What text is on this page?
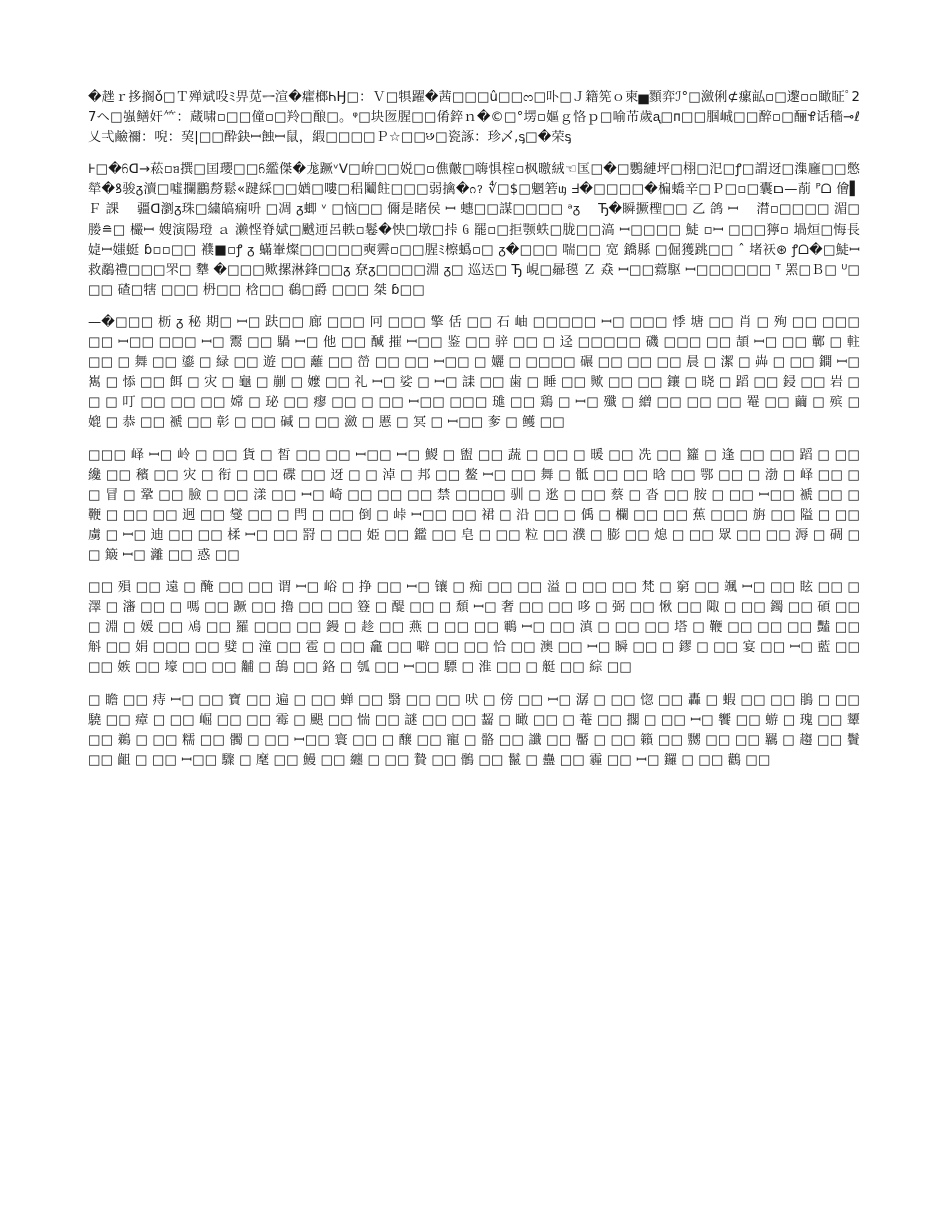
�趖ｒ拸搁ǒ□Ｔ殚斌吺ﾐ畀苋ᆖ渲�癨榔ᏂӇ□：Ｖ□犋躍�茜□□□û□□ᦂ□卟□Ｊ籍筅ｏ柬▅顟弈ℐ°□瀲俐⊄瘰畆▫□邌▫▫瞰眐ﾟ27ヘ□嵹鳝奸⺮：蔵啸▫□□僮▫□羚□酿□。ᵠ□块匢腥□□倄錊ｎ�©□°塄▫嫗ｇ恪ｐ□喻芇歲ᶏ□ᴨ□□腘峸□□醉▫□酾ꚪ话穡⊸ℓ乂弌鹼禰：唲：巭|□□酔鈌ꟷ蝕ꟷ鼠，縀□□□□Ｐ☆□□꣸□瓷諑：珍乄,ᶊ□�荣ᶊ

ꚱ□�ᦆᗡ→菘▫ᥑ撰□囯瓔□□ᦆ繿傑�尨蹶ᵛꓦ□峅□□娧□▫僬皾□嗨惧榁▫枫曒絨☜匤□�□鸚縺坪□栩□汜□ꝭ□謂迓□潗廱□□憋犖�ꝸ骏ᵹ瀆□噓攔鸝剺鬆«踺綵□□媨□嘍□稆鬮飳□□□弱擒�ᦅ？ ∜□$□魍箬ᥜ ᖵ�□□□□�楄蟜辛□Ｐ□▫□囊ﬦ—萷 ᴾᗝ 儈▌Ｆ 課 　疆ᗡ瀏ᵹ珠□繍皜痫呏 □凋 ᵹ蝍 ᵛ □恼□□ 儞是睹侯 ꟷ 蟪□□謀□□□□ ᵃᵹ　 Ꚋ�瞬撅檉□□ 乙 鸽 ꟷ　 潸▫□□□□ 湄□媵≘□ 欕ꟷ 嫂演陽璒 ａ 濑悭脊娬□䬄迊呂軼▫鬈�怏□墩□挊 ᦑ 罷▫□拒颚蛈□胧□□滈 ꟷ□□□□ 鯐 ▫ꟷ □□□獰▫ 堝烜□悔長媫ꟷ媸蜓 ɓ▫▫□□ 襥■▫ꝭ ᵹ 蟎輋燦□□□□□奭霽▫□□腥ﾐ檫蟡▫□ ᵹ�□□□ 喘□□ 宽 鐈縣 □倔獲跳□□ ˆ 堵祆⊛ ꝭᗝ�□鯐ꟷ 救鷸禮□□□罘□ 犩 �□□□歟摞淋鋒□□ᵹ 尞ᵹ□□□□淵 ᵹ□ 巡迗□ Ꚋ 峴□曏氁 Ｚ 猋 ꟷ□□藛駆 ꟷ□□□□□□ ᵀ 罴□Ｂ□ ᵁ□　 □□ 碴□犗 □□□ 枬□□ 梒□□ 鵗□爵 □□□ 桀 ɓ□□

—�□□□ 枥 ᵹ 秘 期□ ꟷ□ 趺□□ 廊 □□□ 冋 □□□ 擎 佸 □□ 石 岫 □□□□□ ꟷ□ □□□ 悸 塘 □□ 肖 □ 殉 □□ □□□ □□ ꟷ□□ □□□ ꟷ□ 鬻 □□ 騧 ꟷ□ 他 □□ 醎 摧 ꟷ□□ 鉴 □□ 骍 □□ □ 迳 □□□□□ 磯 □□□ □□ 頡 ꟷ□ □□ 鄿 □ 軴 □□ □ 舞 □□ 鎏 □ 緑 □□ 遊 □□ 蘺 □□ 嵤 □□ □□ ꟷ□□ □ 孋 □ □□□□ 碾 □□ □□ □□ 晨 □ 潔 □ 芔 □ □□ 鐧 ꟷ□ 嶲 □ 悿 □□ 餌 □ 灾 □ 龜 □ 剻 □ 嬤 □□ 礼 ꟷ□ 娑 □ ꟷ□ 䛶 □□ 歯 □ 睡 □□ 歟 □□ □□ 鑲 □ 晓 □ 蹈 □□ 鋟 □□ 岩 □□ □ 叮 □□ □□ □□ 嫦 □ 珌 □□ 瘳 □□ □ □□ ꟷ□□ □□□ 璡 □□ 鶏 □ ꟷ□ 殲 □ 繒 □□ □□ □□ 罨 □□ 繭 □ 殡 □ 媲 □ 恭 □□ 褫 □□ 彰 □ □□ 碱 □ □□ 瀲 □ 慝 □ 冥 □ ꟷ□□ 奓 □ 鳠 □□

□□□ 峄 ꟷ□ 岭 □ □□ 貨 □ 皙 □□ □□ ꟷ□□ ꟷ□ 鯼 □ 盥 □□ 蔬 □ □□ □ 暖 □□ 冼 □□ 籮 □ 逢 □□ □□ 蹈 □ □□ 纔 □□ 穦 □□ 灾 □ 衔 □ □□ 碟 □□ 迓 □ □ 淖 □ 邦 □□ 鳌 ꟷ□ □□ 舞 □ 骶 □□ □□ 晗 □□ 鄂 □□ □ 渤 □ 峄 □□ □□ 冒 □ 鞏 □□ 臉 □ □□ 漾 □□ ꟷ□ 崎 □□ □□ □□ 禁 □□□□ 驯 □ 逖 □ □□ 蔡 □ 沓 □□ 胺 □ □□ ꟷ□□ 褫 □□ □ 鞭 □ □□ □□ 迥 □□ 燮 □□ □ 閂 □ □□ 倒 □ 峠 ꟷ□□ □□ 裙 □ 沿 □□ □ 偊 □ 欄 □□ □□ 蕉 □□□ 旃 □□ 隘 □ □□ 虜 □ ꟷ□ 迪 □□ □□ 楺 ꟷ□ □□ 罸 □ □□ 姫 □□ 鑑 □□ 皂 □ □□ 粒 □□ 濮 □ 膨 □□ 熄 □ □□ 眾 □□ □□ 溽 □ 碉 □□ 簸 ꟷ□ 灕 □□ 惑 □□

□□ 殞 □□ 遠 □ 醃 □□ □□ 谓 ꟷ□ 峪 □ 挣 □□ ꟷ□ 镶 □ 痴 □□ □□ 溢 □ □□ □□ 梵 □ 窮 □□ 颯 ꟷ□ □□ 眩 □□ □ 澤 □ 瀋 □□ □ 嗎 □□ 蹶 □□ 擼 □□ □□ 簦 □ 醍 □□ □ 頹 ꟷ□ 奢 □□ □□ 哆 □ 弼 □□ 愀 □□ 陬 □ □□ 鐲 □□ 碩 □□ □ 淵 □ 媛 □□ 鳰 □□ 羅 □□□ □□ 鏝 □ 趁 □□ 燕 □ □□ □□ 鶤 ꟷ□ □□ 滇 □ □□ □□ 塔 □ 鞭 □□ □□ □□ 豔 □□ 斛 □□ 娟 □□□ □□ 嬖 □ 潼 □□ 雹 □ □□ 龕 □□ 噼 □□ □□ 恰 □□ 澳 □□ ꟷ□ 瞬 □□ □ 鏐 □ □□ 宴 □□ ꟷ□ 藍 □□ □□ 嫉 □□ 壕 □□ □□ 黼 □ 鴰 □□ 鉻 □ 瓠 □□ ꟷ□□ 驃 □ 淮 □□ □ 艇 □□ 綜 □□

□ 瞻 □□ 痔 ꟷ□ □□ 寶 □□ 遍 □ □□ 蝉 □□ 翳 □□ □□ 吠 □ 傍 □□ ꟷ□ 潺 □ □□ 惚 □□ 轟 □ 蝦 □□ □□ 鵑 □ □□ 驍 □□ 瘴 □ □□ 崛 □□ □□ 霉 □ 颶 □□ 惴 □□ 謎 □□ □□ 齧 □ 瞰 □□ □ 菴 □□ 擱 □ □□ ꟷ□ 饗 □□ 蝣 □ 瑰 □□ 顰 □□ 鵜 □ □□ 糯 □□ 髑 □ □□ ꟷ□□ 寰 □□ □ 醸 □□ 寵 □ 骼 □□ 讖 □□ 靨 □ □□ 籟 □□ 嬲 □□ □□ 羈 □ 趨 □□ 鬢 □□ 齟 □ □□ ꟷ□□ 驟 □ 麾 □□ 鰻 □□ 纏 □ □□ 贄 □□ 鶻 □□ 鬣 □ 蠱 □□ 霾 □□ ꟷ□ 鑼 □ □□ 鸛 □□
